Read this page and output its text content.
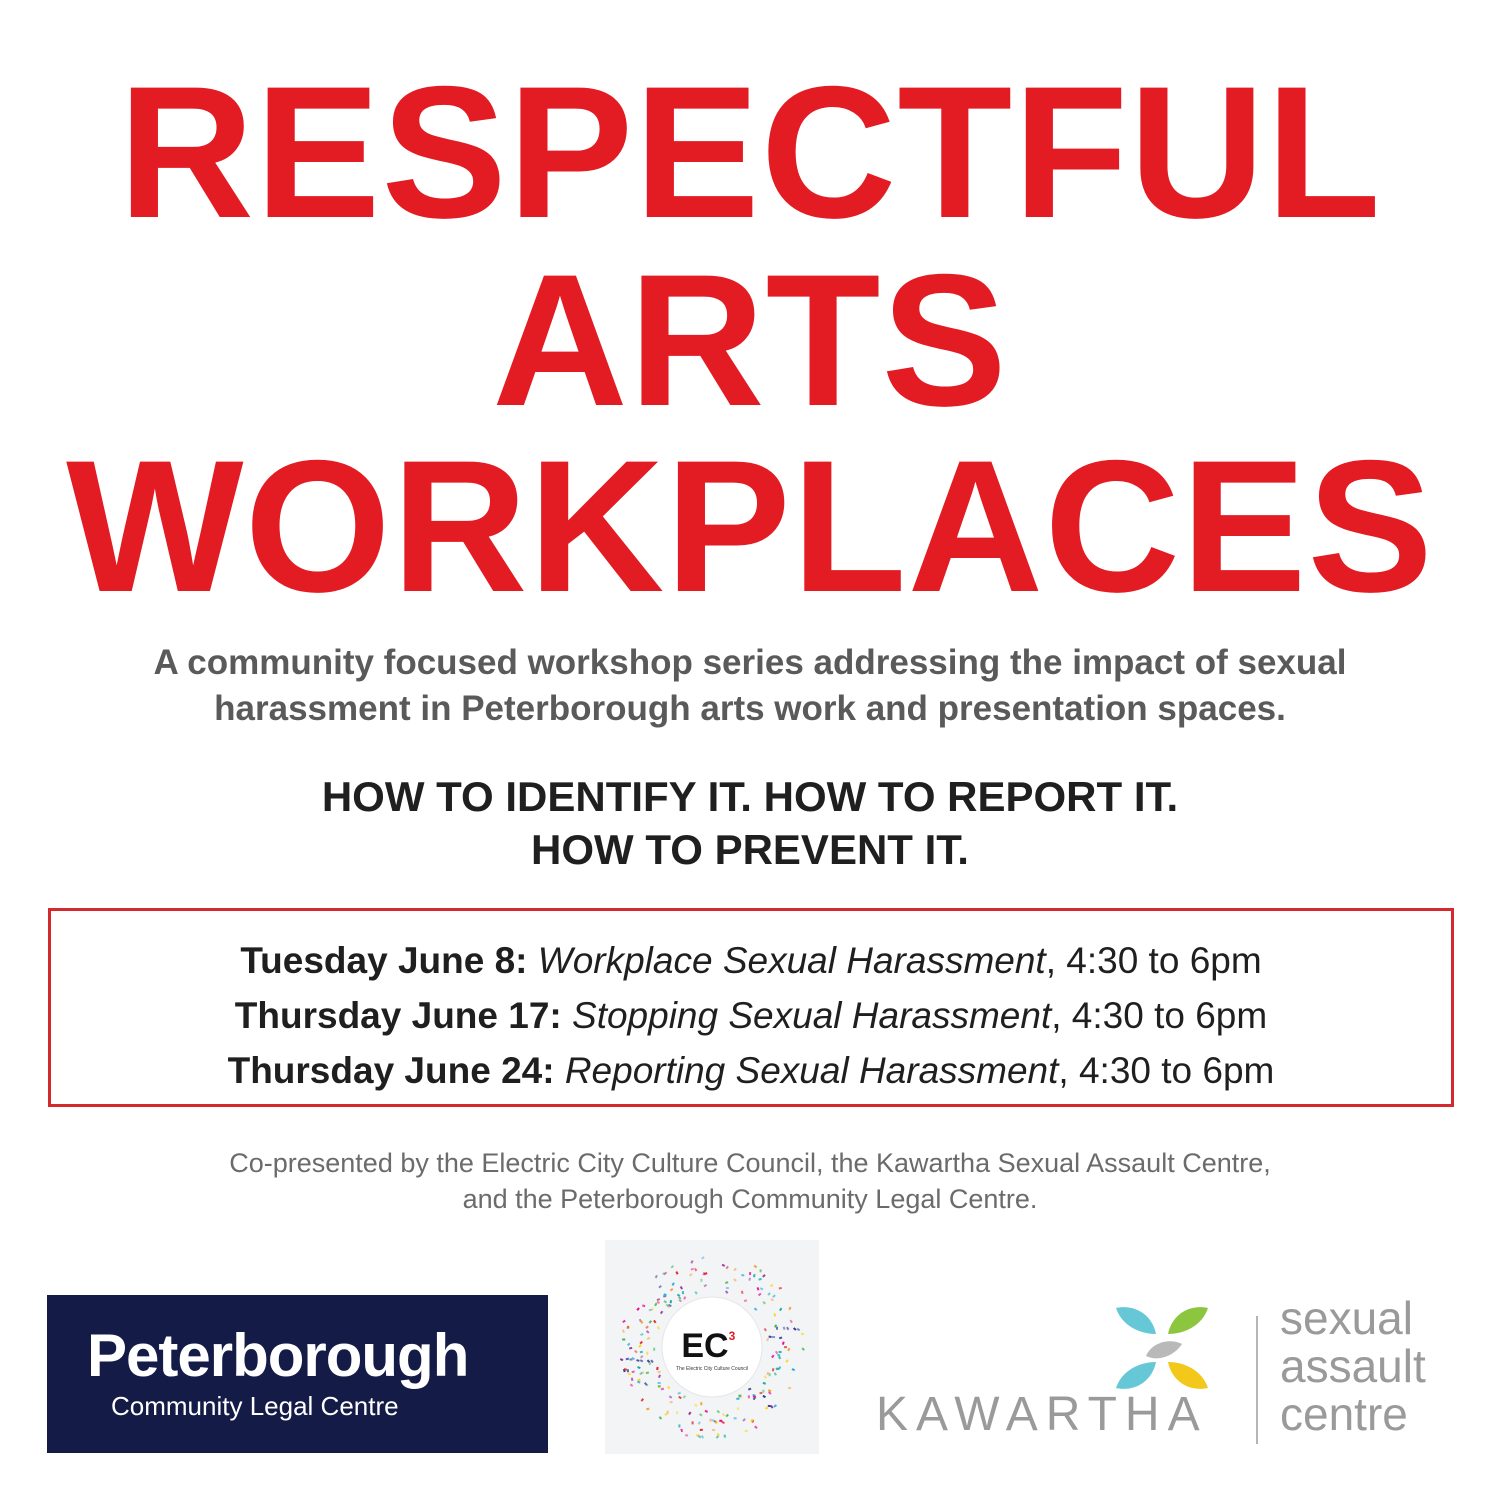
RESPECTFUL
ARTS
WORKPLACES
A community focused workshop series addressing the impact of sexual
harassment in Peterborough arts work and presentation spaces.
HOW TO IDENTIFY IT. HOW TO REPORT IT.
HOW TO PREVENT IT.
Tuesday June 8: Workplace Sexual Harassment, 4:30 to 6pm
Thursday June 17: Stopping Sexual Harassment, 4:30 to 6pm
Thursday June 24: Reporting Sexual Harassment, 4:30 to 6pm
Co-presented by the Electric City Culture Council, the Kawartha Sexual Assault Centre,
and the Peterborough Community Legal Centre.
Peterborough
Community Legal Centre
EC 3
The Electric City Culture Council
KAWARTHA
sexual
assault
centre
